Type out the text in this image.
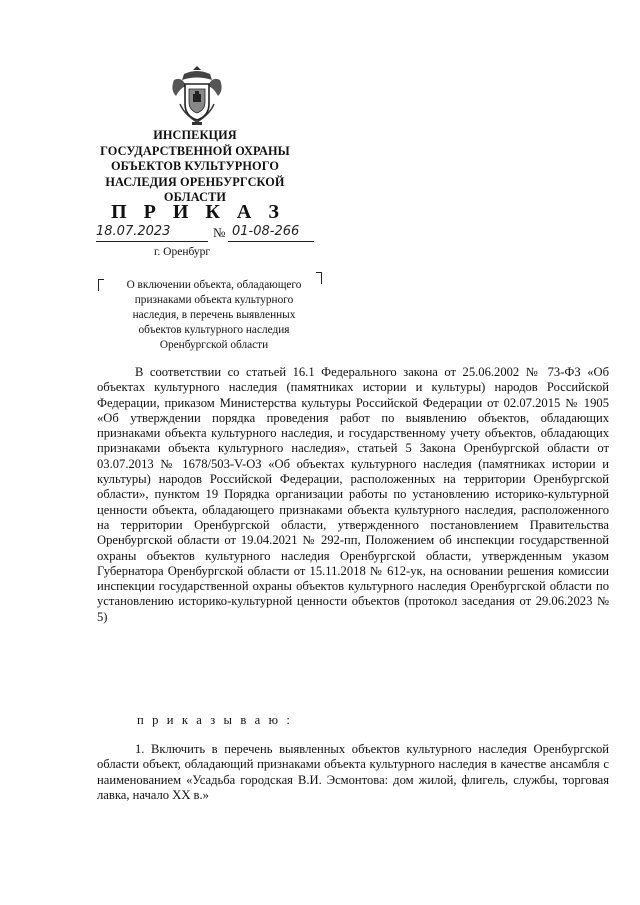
ИНСПЕКЦИЯ
ГОСУДАРСТВЕННОЙ ОХРАНЫ
ОБЪЕКТОВ КУЛЬТУРНОГО
НАСЛЕДИЯ ОРЕНБУРГСКОЙ
ОБЛАСТИ
П Р И К А З
18.07.2023	№ 01-08-266
г. Оренбург
О включении объекта, обладающего
признаками объекта культурного
наследия, в перечень выявленных
объектов культурного наследия
Оренбургской области

В соответствии со статьей 16.1 Федерального закона от 25.06.2002 № 73-ФЗ «Об объектах культурного наследия (памятниках истории и культуры) народов Российской Федерации, приказом Министерства культуры Российской Федерации от 02.07.2015 № 1905 «Об утверждении порядка проведения работ по выявлению объектов, обладающих признаками объекта культурного наследия, и государственному учету объектов, обладающих признаками объекта культурного наследия», статьей 5 Закона Оренбургской области от 03.07.2013 № 1678/503-V-ОЗ «Об объектах культурного наследия (памятниках истории и культуры) народов Российской Федерации, расположенных на территории Оренбургской области», пунктом 19 Порядка организации работы по установлению историко-культурной ценности объекта, обладающего признаками объекта культурного наследия, расположенного на территории Оренбургской области, утвержденного постановлением Правительства Оренбургской области от 19.04.2021 № 292-пп, Положением об инспекции государственной охраны объектов культурного наследия Оренбургской области, утвержденным указом Губернатора Оренбургской области от 15.11.2018 № 612-ук, на основании решения комиссии инспекции государственной охраны объектов культурного наследия Оренбургской области по установлению историко-культурной ценности объектов (протокол заседания от 29.06.2023 № 5)

п р и к а з ы в а ю :

1. Включить в перечень выявленных объектов культурного наследия Оренбургской области объект, обладающий признаками объекта культурного наследия в качестве ансамбля с наименованием «Усадьба городская В.И. Эсмонтова: дом жилой, флигель, службы, торговая лавка, начало XX в.»
